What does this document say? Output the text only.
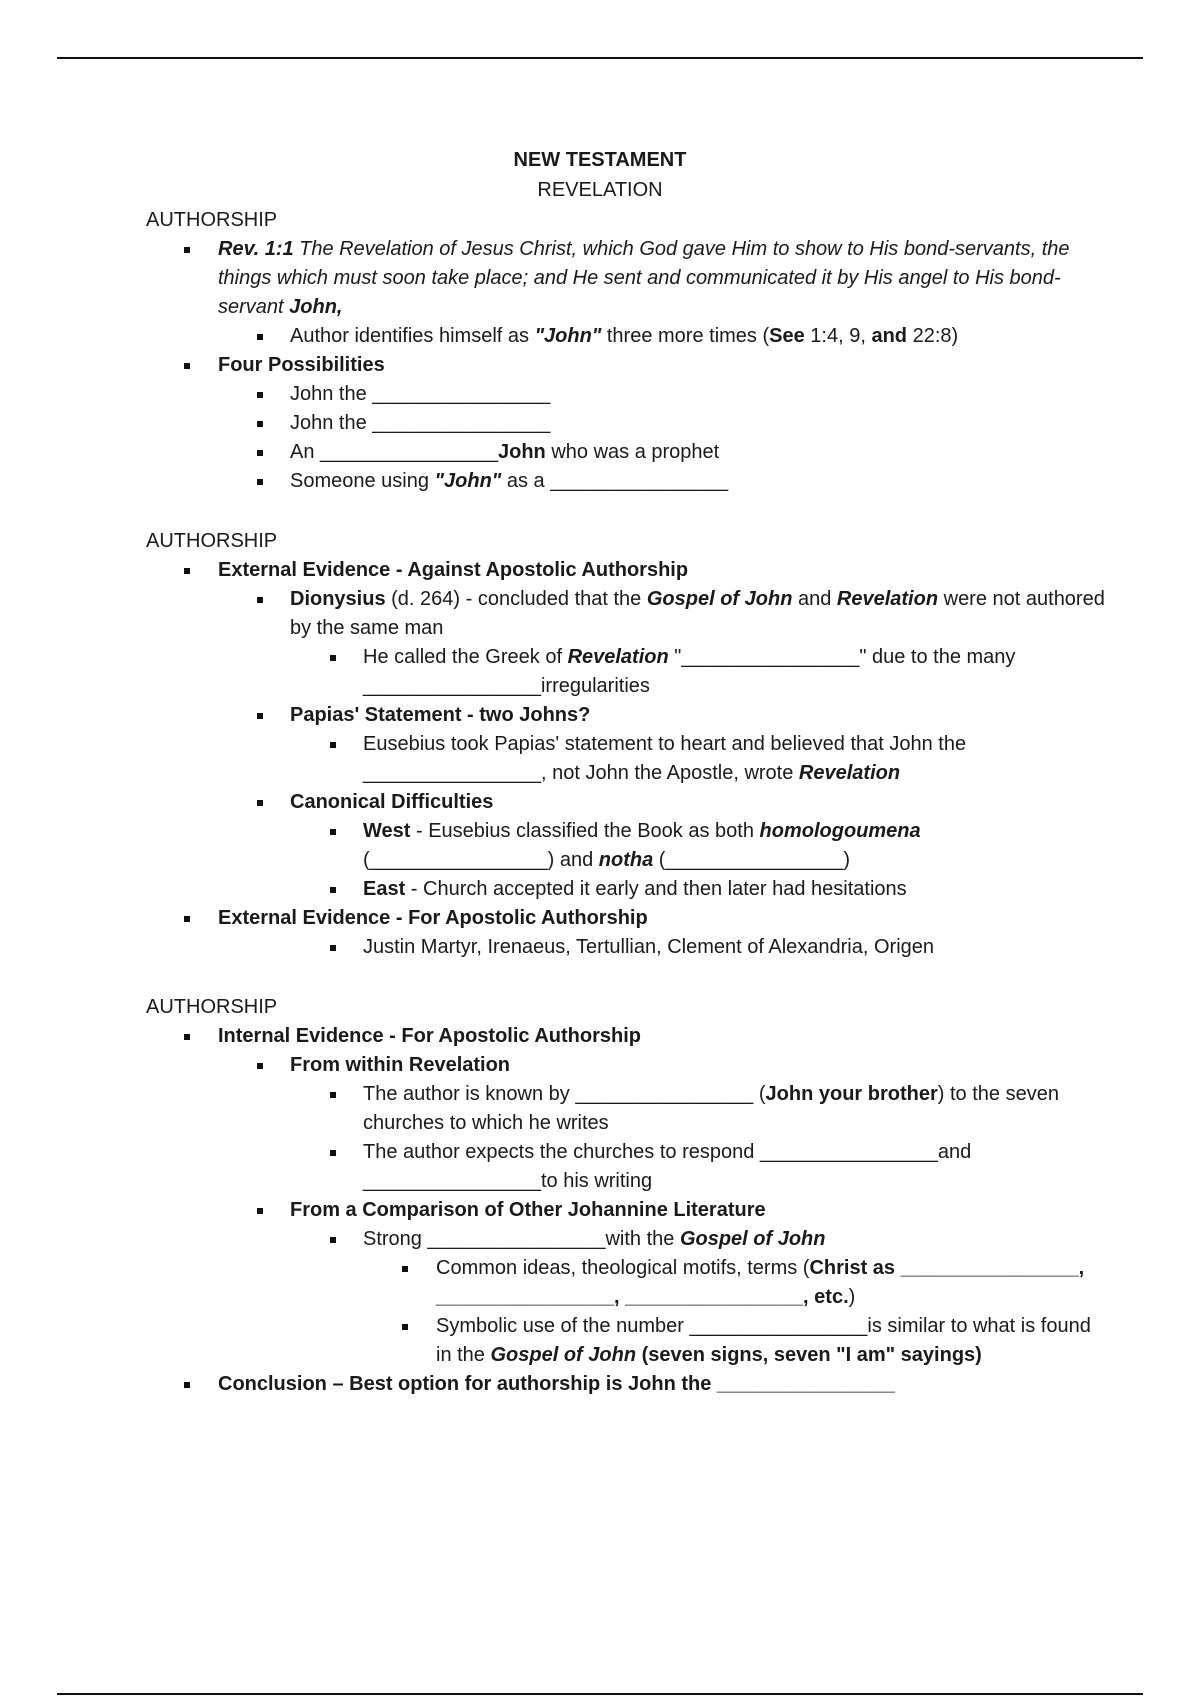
NEW TESTAMENT
REVELATION
AUTHORSHIP
Rev. 1:1 The Revelation of Jesus Christ, which God gave Him to show to His bond-servants, the things which must soon take place; and He sent and communicated it by His angel to His bond-servant John,
Author identifies himself as "John" three more times (See 1:4, 9, and 22:8)
Four Possibilities
John the ________________
John the ________________
An ________________John who was a prophet
Someone using "John" as a ________________
AUTHORSHIP
External Evidence - Against Apostolic Authorship
Dionysius (d. 264) - concluded that the Gospel of John and Revelation were not authored by the same man
He called the Greek of Revelation "________________" due to the many ________________irregularities
Papias' Statement - two Johns?
Eusebius took Papias' statement to heart and believed that John the ________________, not John the Apostle, wrote Revelation
Canonical Difficulties
West - Eusebius classified the Book as both homologoumena (________________) and notha (________________)
East - Church accepted it early and then later had hesitations
External Evidence - For Apostolic Authorship
Justin Martyr, Irenaeus, Tertullian, Clement of Alexandria, Origen
AUTHORSHIP
Internal Evidence - For Apostolic Authorship
From within Revelation
The author is known by ________________ (John your brother) to the seven churches to which he writes
The author expects the churches to respond ________________and ________________to his writing
From a Comparison of Other Johannine Literature
Strong ________________with the Gospel of John
Common ideas, theological motifs, terms (Christ as ________________, ________________, ________________, etc.)
Symbolic use of the number ________________is similar to what is found in the Gospel of John (seven signs, seven "I am" sayings)
Conclusion – Best option for authorship is John the ________________
